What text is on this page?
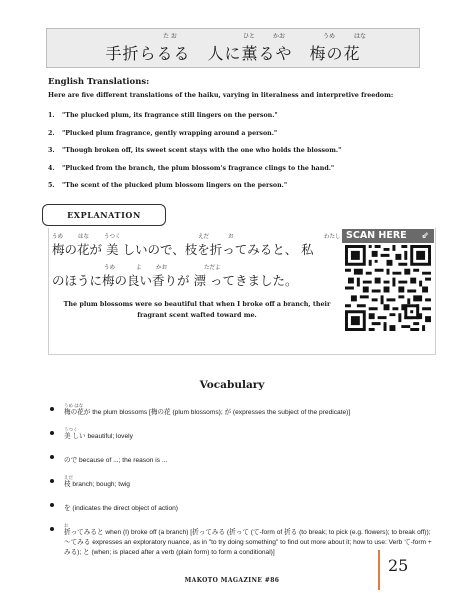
た お	ひと	かお	うめ	はな
手折らるる　人に薫るや　梅の花
English Translations:
Here are five different translations of the haiku, varying in literalness and interpretive freedom:
1. "The plucked plum, its fragrance still lingers on the person."
2. "Plucked plum fragrance, gently wrapping around a person."
3. "Though broken off, its sweet scent stays with the one who holds the blossom."
4. "Plucked from the branch, the plum blossom's fragrance clings to the hand."
5. "The scent of the plucked plum blossom lingers on the person."
EXPLANATION
うめ	はな	うつく	えだ	お	わたし
梅の花が 美 しいので、枝を折ってみると、 私
うめ	よ	かお	ただよ
のほうに梅の良い香りが 漂 ってきました。
The plum blossoms were so beautiful that when I broke off a branch, their fragrant scent wafted toward me.
SCAN HERE ⇙
Vocabulary
うめ はな
梅の花が the plum blossoms [梅の花 (plum blossoms); が (expresses the subject of the predicate)]
うつく
美 しい beautiful; lovely
ので because of ...; the reason is ...
えだ
枝 branch; bough; twig
を (indicates the direct object of action)
お
折ってみると when (I) broke off (a branch) [折ってみる (折って (て-form of 折る (to break; to pick (e.g. flowers); to break off)); ～てみる expresses an exploratory nuance, as in "to try doing something" to find out more about it; how to use: Verb て-form + みる); と (when; is placed after a verb (plain form) to form a conditional)]
25
MAKOTO MAGAZINE #86
